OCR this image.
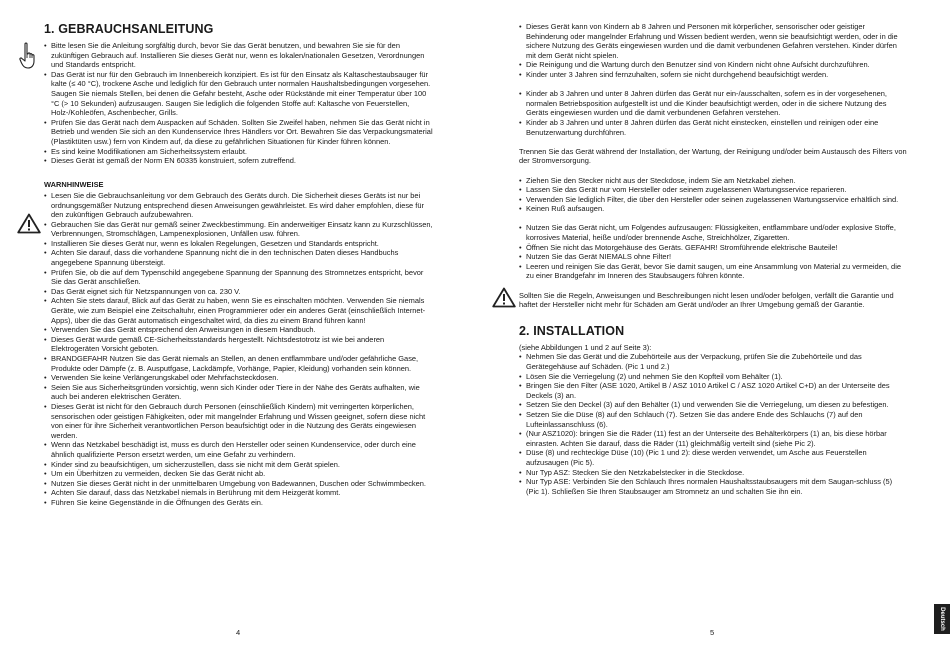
1. GEBRAUCHSANLEITUNG
• Bitte lesen Sie die Anleitung sorgfältig durch, bevor Sie das Gerät benutzen, und bewahren Sie sie für den zukünftigen Gebrauch auf. Installieren Sie dieses Gerät nur, wenn es lokalen/nationalen Gesetzen, Verordnungen und Standards entspricht.
• Das Gerät ist nur für den Gebrauch im Innenbereich konzipiert. Es ist für den Einsatz als Kaltaschestaubsauger für kalte (≤ 40 °C), trockene Asche und lediglich für den Gebrauch unter normalen Haushaltsbedingungen vorgesehen. Saugen Sie niemals Stellen, bei denen die Gefahr besteht, Asche oder Rückstände mit einer Temperatur über 100 °C (> 10 Sekunden) aufzusaugen. Saugen Sie lediglich die folgenden Stoffe auf: Kaltasche von Feuerstellen, Holz-/Kohleöfen, Aschenbecher, Grills.
• Prüfen Sie das Gerät nach dem Auspacken auf Schäden. Sollten Sie Zweifel haben, nehmen Sie das Gerät nicht in Betrieb und wenden Sie sich an den Kundenservice Ihres Händlers vor Ort. Bewahren Sie das Verpackungsmaterial (Plastiktüten usw.) fern von Kindern auf, da diese zu gefährlichen Situationen für Kinder führen können.
• Es sind keine Modifikationen am Sicherheitssystem erlaubt.
• Dieses Gerät ist gemäß der Norm EN 60335 konstruiert, sofern zutreffend.
WARNHINWEISE
• Lesen Sie die Gebrauchsanleitung vor dem Gebrauch des Geräts durch. Die Sicherheit dieses Geräts ist nur bei ordnungsgemäßer Nutzung entsprechend diesen Anweisungen gewährleistet. Es wird daher empfohlen, diese für den zukünftigen Gebrauch aufzubewahren.
• Gebrauchen Sie das Gerät nur gemäß seiner Zweckbestimmung. Ein anderweitiger Einsatz kann zu Kurzschlüssen, Verbrennungen, Stromschlägen, Lampenexplosionen, Unfällen usw. führen.
• Installieren Sie dieses Gerät nur, wenn es lokalen Regelungen, Gesetzen und Standards entspricht.
• Achten Sie darauf, dass die vorhandene Spannung nicht die in den technischen Daten dieses Handbuchs angegebene Spannung übersteigt.
• Prüfen Sie, ob die auf dem Typenschild angegebene Spannung der Spannung des Stromnetzes entspricht, bevor Sie das Gerät anschließen.
• Das Gerät eignet sich für Netzspannungen von ca. 230 V.
• Achten Sie stets darauf, Blick auf das Gerät zu haben, wenn Sie es einschalten möchten. Verwenden Sie niemals Geräte, wie zum Beispiel eine Zeitschaltuhr, einen Programmierer oder ein anderes Gerät (einschließlich Internet-Apps), über die das Gerät automatisch eingeschaltet wird, da dies zu einem Brand führen kann!
• Verwenden Sie das Gerät entsprechend den Anweisungen in diesem Handbuch.
• Dieses Gerät wurde gemäß CE-Sicherheitsstandards hergestellt. Nichtsdestotrotz ist wie bei anderen Elektrogeräten Vorsicht geboten.
• BRANDGEFAHR Nutzen Sie das Gerät niemals an Stellen, an denen entflammbare und/oder gefährliche Gase, Produkte oder Dämpfe (z. B. Ausputfgase, Lackdämpfe, Vorhänge, Papier, Kleidung) vorhanden sein können.
• Verwenden Sie keine Verlängerungskabel oder Mehrfachsteckdosen.
• Seien Sie aus Sicherheitsgründen vorsichtig, wenn sich Kinder oder Tiere in der Nähe des Geräts aufhalten, wie auch bei anderen elektrischen Geräten.
• Dieses Gerät ist nicht für den Gebrauch durch Personen (einschließlich Kindern) mit verringerten körperlichen, sensorischen oder geistigen Fähigkeiten, oder mit mangelnder Erfahrung und Wissen geeignet, sofern diese nicht von einer für ihre Sicherheit verantwortlichen Person beaufsichtigt oder in die Nutzung des Geräts eingewiesen werden.
• Wenn das Netzkabel beschädigt ist, muss es durch den Hersteller oder seinen Kundenservice, oder durch eine ähnlich qualifizierte Person ersetzt werden, um eine Gefahr zu verhindern.
• Kinder sind zu beaufsichtigen, um sicherzustellen, dass sie nicht mit dem Gerät spielen.
• Um ein Überhitzen zu vermeiden, decken Sie das Gerät nicht ab.
• Nutzen Sie dieses Gerät nicht in der unmittelbaren Umgebung von Badewannen, Duschen oder Schwimmbecken.
• Achten Sie darauf, dass das Netzkabel niemals in Berührung mit dem Heizgerät kommt.
• Führen Sie keine Gegenstände in die Öffnungen des Geräts ein.
4
• Dieses Gerät kann von Kindern ab 8 Jahren und Personen mit körperlicher, sensorischer oder geistiger Behinderung oder mangelnder Erfahrung und Wissen bedient werden, wenn sie beaufsichtigt werden, oder in die sichere Nutzung des Geräts eingewiesen wurden und die damit verbundenen Gefahren verstehen. Kinder dürfen mit dem Gerät nicht spielen.
• Die Reinigung und die Wartung durch den Benutzer sind von Kindern nicht ohne Aufsicht durchzuführen.
• Kinder unter 3 Jahren sind fernzuhalten, sofern sie nicht durchgehend beaufsichtigt werden.
• Kinder ab 3 Jahren und unter 8 Jahren dürfen das Gerät nur ein-/ausschalten, sofern es in der vorgesehenen, normalen Betriebsposition aufgestellt ist und die Kinder beaufsichtigt werden, oder in die sichere Nutzung des Geräts eingewiesen wurden und die damit verbundenen Gefahren verstehen.
• Kinder ab 3 Jahren und unter 8 Jahren dürfen das Gerät nicht einstecken, einstellen und reinigen oder eine Benutzerwartung durchführen.

Trennen Sie das Gerät während der Installation, der Wartung, der Reinigung und/oder beim Austausch des Filters von der Stromversorgung.

• Ziehen Sie den Stecker nicht aus der Steckdose, indem Sie am Netzkabel ziehen.
• Lassen Sie das Gerät nur vom Hersteller oder seinem zugelassenen Wartungsservice reparieren.
• Verwenden Sie lediglich Filter, die über den Hersteller oder seinen zugelassenen Wartungsservice erhältlich sind.
• Keinen Ruß aufsaugen.
• Nutzen Sie das Gerät nicht, um Folgendes aufzusaugen: Flüssigkeiten, entflammbare und/oder explosive Stoffe, korrosives Material, heiße und/oder brennende Asche, Streichhölzer, Zigaretten.
• Öffnen Sie nicht das Motorgehäuse des Geräts. GEFAHR! Stromführende elektrische Bauteile!
• Nutzen Sie das Gerät NIEMALS ohne Filter!
• Leeren und reinigen Sie das Gerät, bevor Sie damit saugen, um eine Ansammlung von Material zu vermeiden, die zu einer Brandgefahr im Inneren des Staubsaugers führen könnte.

Sollten Sie die Regeln, Anweisungen und Beschreibungen nicht lesen und/oder befolgen, verfällt die Garantie und haftet der Hersteller nicht mehr für Schäden am Gerät und/oder an Ihrer Umgebung gemäß der Garantie.

2. INSTALLATION

(siehe Abbildungen 1 und 2 auf Seite 3):

• Nehmen Sie das Gerät und die Zubehörteile aus der Verpackung, prüfen Sie die Zubehörteile und das Gerätegehäuse auf Schäden. (Pic 1 und 2.)
• Lösen Sie die Verriegelung (2) und nehmen Sie den Kopfteil vom Behälter (1).
• Bringen Sie den Filter (ASE 1020, Artikel B / ASZ 1010 Artikel C / ASZ 1020 Artikel C+D) an der Unterseite des Deckels (3) an.
• Setzen Sie den Deckel (3) auf den Behälter (1) und verwenden Sie die Verriegelung, um diesen zu befestigen.
• Setzen Sie die Düse (8) auf den Schlauch (7). Setzen Sie das andere Ende des Schlauchs (7) auf den Lufteinlassanschluss (6).
• (Nur ASZ1020): bringen Sie die Räder (11) fest an der Unterseite des Behälterkörpers (1) an, bis diese hörbar einrasten. Achten Sie darauf, dass die Räder (11) gleichmäßig verteilt sind (siehe Pic 2).
• Düse (8) und rechteckige Düse (10) (Pic 1 und 2): diese werden verwendet, um Asche aus Feuerstellen aufzusaugen (Pic 5).
• Nur Typ ASZ: Stecken Sie den Netzkabelstecker in die Steckdose.
• Nur Typ ASE: Verbinden Sie den Schlauch Ihres normalen Haushaltsstaubsaugers mit dem Saugan-schluss (5) (Pic 1). Schließen Sie Ihren Staubsauger am Stromnetz an und schalten Sie ihn ein.
5
Deutsch
